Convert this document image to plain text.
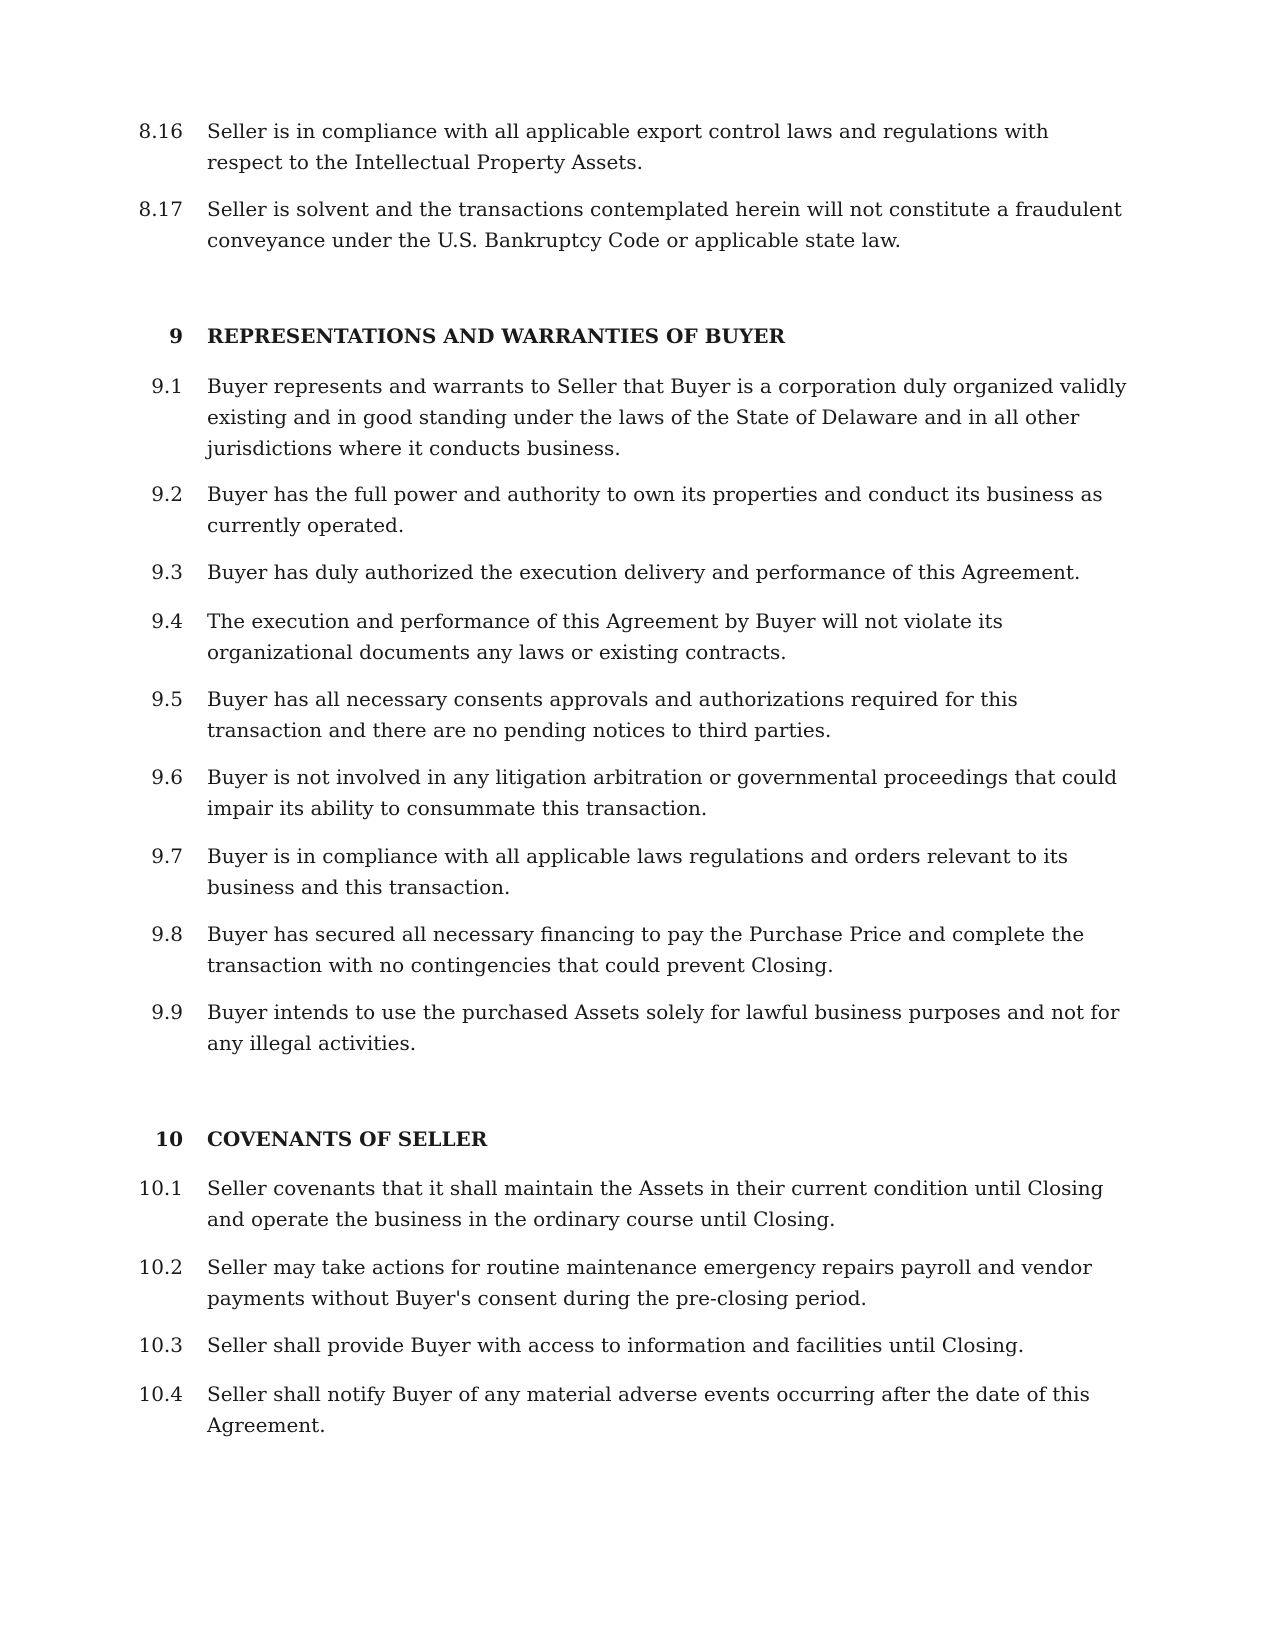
8.16 Seller is in compliance with all applicable export control laws and regulations with respect to the Intellectual Property Assets.
8.17 Seller is solvent and the transactions contemplated herein will not constitute a fraudulent conveyance under the U.S. Bankruptcy Code or applicable state law.
9 REPRESENTATIONS AND WARRANTIES OF BUYER
9.1 Buyer represents and warrants to Seller that Buyer is a corporation duly organized validly existing and in good standing under the laws of the State of Delaware and in all other jurisdictions where it conducts business.
9.2 Buyer has the full power and authority to own its properties and conduct its business as currently operated.
9.3 Buyer has duly authorized the execution delivery and performance of this Agreement.
9.4 The execution and performance of this Agreement by Buyer will not violate its organizational documents any laws or existing contracts.
9.5 Buyer has all necessary consents approvals and authorizations required for this transaction and there are no pending notices to third parties.
9.6 Buyer is not involved in any litigation arbitration or governmental proceedings that could impair its ability to consummate this transaction.
9.7 Buyer is in compliance with all applicable laws regulations and orders relevant to its business and this transaction.
9.8 Buyer has secured all necessary financing to pay the Purchase Price and complete the transaction with no contingencies that could prevent Closing.
9.9 Buyer intends to use the purchased Assets solely for lawful business purposes and not for any illegal activities.
10 COVENANTS OF SELLER
10.1 Seller covenants that it shall maintain the Assets in their current condition until Closing and operate the business in the ordinary course until Closing.
10.2 Seller may take actions for routine maintenance emergency repairs payroll and vendor payments without Buyer's consent during the pre-closing period.
10.3 Seller shall provide Buyer with access to information and facilities until Closing.
10.4 Seller shall notify Buyer of any material adverse events occurring after the date of this Agreement.
